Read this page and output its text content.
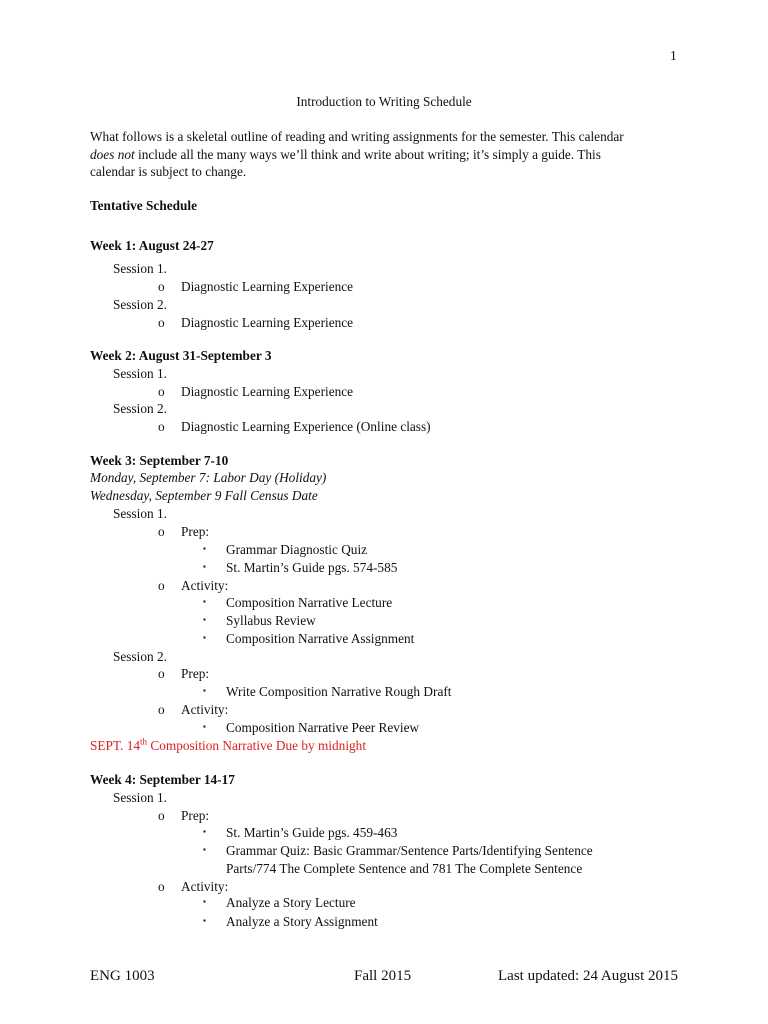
1
Introduction to Writing Schedule
What follows is a skeletal outline of reading and writing assignments for the semester. This calendar
does not include all the many ways we’ll think and write about writing; it’s simply a guide. This
calendar is subject to change.
Tentative Schedule
Week 1: August 24-27
Session 1.
o Diagnostic Learning Experience
Session 2.
o Diagnostic Learning Experience
Week 2: August 31-September 3
Session 1.
o Diagnostic Learning Experience
Session 2.
o Diagnostic Learning Experience (Online class)
Week 3: September 7-10
Monday, September 7: Labor Day (Holiday)
Wednesday, September 9 Fall Census Date
Session 1.
o Prep:
▪ Grammar Diagnostic Quiz
▪ St. Martin’s Guide pgs. 574-585
o Activity:
▪ Composition Narrative Lecture
▪ Syllabus Review
▪ Composition Narrative Assignment
Session 2.
o Prep:
▪ Write Composition Narrative Rough Draft
o Activity:
▪ Composition Narrative Peer Review
SEPT. 14th Composition Narrative Due by midnight
Week 4: September 14-17
Session 1.
o Prep:
▪ St. Martin’s Guide pgs. 459-463
▪ Grammar Quiz: Basic Grammar/Sentence Parts/Identifying Sentence
Parts/774 The Complete Sentence and 781 The Complete Sentence
o Activity:
▪ Analyze a Story Lecture
▪ Analyze a Story Assignment
ENG 1003	Fall 2015	Last updated: 24 August 2015
